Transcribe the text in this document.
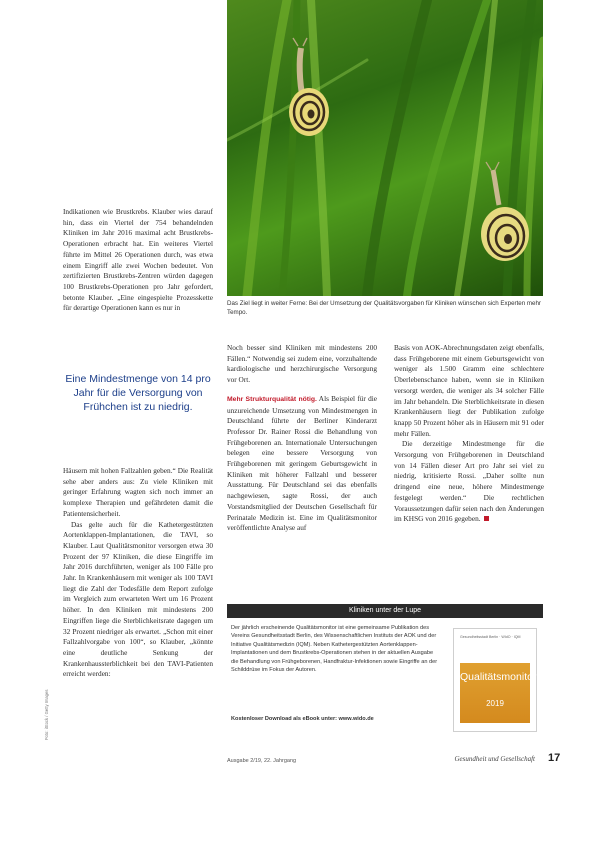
Das Ziel liegt in weiter Ferne: Bei der Umsetzung der Qualitätsvorgaben für Kliniken wünschen sich Experten mehr Tempo.

Indikationen wie Brustkrebs. Klauber wies darauf hin, dass ein Viertel der 754 behandelnden Kliniken im Jahr 2016 maximal acht Brustkrebs-Operationen erbracht hat. Ein weiteres Viertel führte im Mittel 26 Operationen durch, was etwa einem Eingriff alle zwei Wochen bedeutet. Von zertifizierten Brustkrebs-Zentren würden dagegen 100 Brustkrebs-Operationen pro Jahr gefordert, betonte Klauber. „Eine eingespielte Prozesskette für derartige Operationen kann es nur in

Eine Mindestmenge von 14 pro Jahr für die Versorgung von Frühchen ist zu niedrig.

Häusern mit hohen Fallzahlen geben.“ Die Realität sehe aber anders aus: Zu viele Kliniken mit geringer Erfahrung wagten sich noch immer an komplexe Therapien und gefährdeten damit die Patientensicherheit.

Das gelte auch für die Kathetergestützten Aortenklappen-Implantationen, die TAVI, so Klauber. Laut Qualitätsmonitor versorgen etwa 30 Prozent der 97 Kliniken, die diese Eingriffe im Jahr 2016 durchführten, weniger als 100 Fälle pro Jahr. In Krankenhäusern mit weniger als 100 TAVI liegt die Zahl der Todesfälle dem Report zufolge im Vergleich zum erwarteten Wert um 16 Prozent höher. In den Kliniken mit mindestens 200 Eingriffen liege die Sterblichkeitsrate dagegen um 32 Prozent niedriger als erwartet. „Schon mit einer Fallzahlvorgabe von 100“, so Klauber, „könnte eine deutliche Senkung der Krankenhaussterblichkeit bei den TAVI-Patienten erreicht werden:

Noch besser sind Kliniken mit mindestens 200 Fällen.“ Notwendig sei zudem eine, vorzuhaltende kardiologische und herzchirurgische Versorgung vor Ort.

Mehr Strukturqualität nötig. Als Beispiel für die unzureichende Umsetzung von Mindestmengen in Deutschland führte der Berliner Kinderarzt Professor Dr. Rainer Rossi die Behandlung von Frühgeborenen an. Internationale Untersuchungen belegen eine bessere Versorgung von Frühgeborenen mit geringem Geburtsgewicht in Kliniken mit höherer Fallzahl und besserer Ausstattung. Für Deutschland sei das ebenfalls nachgewiesen, sagte Rossi, der auch Vorstandsmitglied der Deutschen Gesellschaft für Perinatale Medizin ist. Eine im Qualitätsmonitor veröffentlichte Analyse auf

Basis von AOK-Abrechnungsdaten zeigt ebenfalls, dass Frühgeborene mit einem Geburtsgewicht von weniger als 1.500 Gramm eine schlechtere Überlebenschance haben, wenn sie in Kliniken versorgt werden, die weniger als 34 solcher Fälle im Jahr behandeln. Die Sterblichkeitsrate in diesen Krankenhäusern liegt der Publikation zufolge knapp 50 Prozent höher als in Häusern mit 91 oder mehr Fällen.

Die derzeitige Mindestmenge für die Versorgung von Frühgeborenen in Deutschland von 14 Fällen dieser Art pro Jahr sei viel zu niedrig, kritisierte Rossi. „Daher sollte nun dringend eine neue, höhere Mindestmenge festgelegt werden.“ Die rechtlichen Voraussetzungen dafür seien nach den Änderungen im KHSG von 2016 gegeben.

Kliniken unter der Lupe
Der jährlich erscheinende Qualitätsmonitor ist eine gemeinsame Publikation des Vereins Gesundheitsstadt Berlin, des Wissenschaftlichen Instituts der AOK und der Initiative Qualitätsmedizin (IQM). Neben Kathetergestützten Aortenklappen-Implantationen und dem Brustkrebs-Operationen stehen in der aktuellen Ausgabe die Behandlung von Frühgeborenen, Handfraktur-Infektionen sowie Eingriffe an der Schilddrüse im Fokus der Autoren.
Kostenloser Download als eBook unter: www.wido.de
Gesundheitsstadt Berlin · WIdO · IQM
Qualitätsmonitor
2019
Ausgabe 2/19, 22. Jahrgang	Gesundheit und Gesellschaft 17
Foto: iStock / Getty Images
